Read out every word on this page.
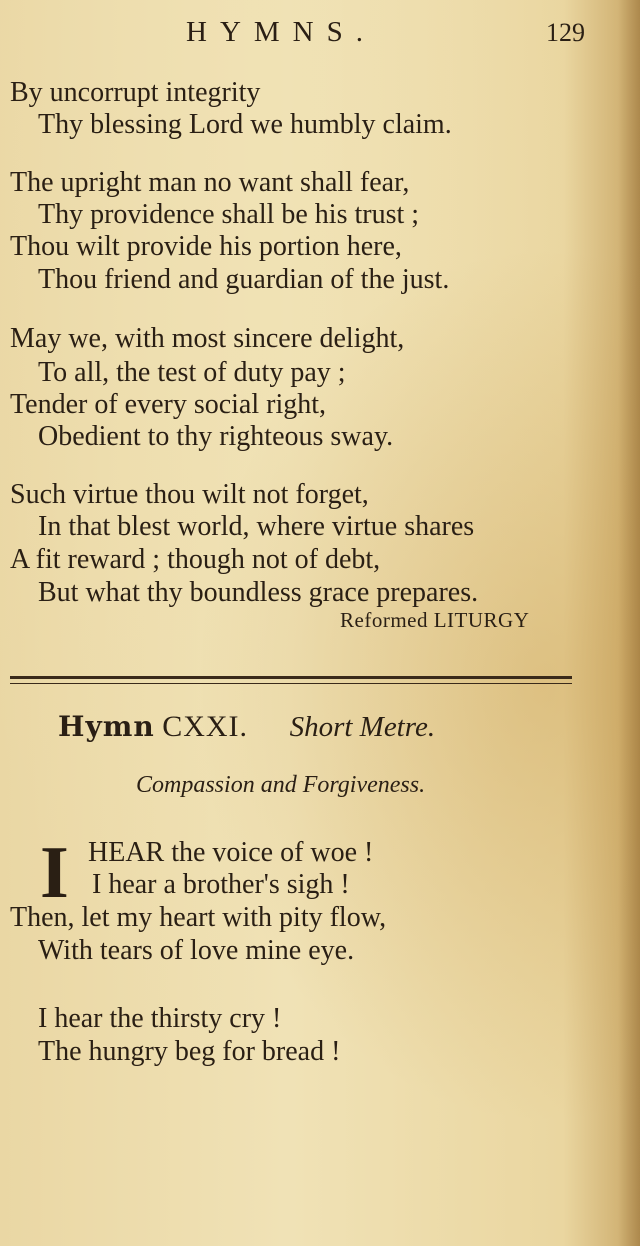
HYMNS.	129
By uncorrupt integrity
Thy blessing Lord we humbly claim.
The upright man no want shall fear,
Thy providence shall be his trust ;
Thou wilt provide his portion here,
Thou friend and guardian of the just.
May we, with most sincere delight,
To all, the test of duty pay ;
Tender of every social right,
Obedient to thy righteous sway.
Such virtue thou wilt not forget,
In that blest world, where virtue shares
A fit reward ; though not of debt,
But what thy boundless grace prepares.
Reformed LITURGY
Hymn CXXI. Short Metre.
Compassion and Forgiveness.
I HEAR the voice of woe !
I hear a brother's sigh !
Then, let my heart with pity flow,
With tears of love mine eye.
I hear the thirsty cry !
The hungry beg for bread !
